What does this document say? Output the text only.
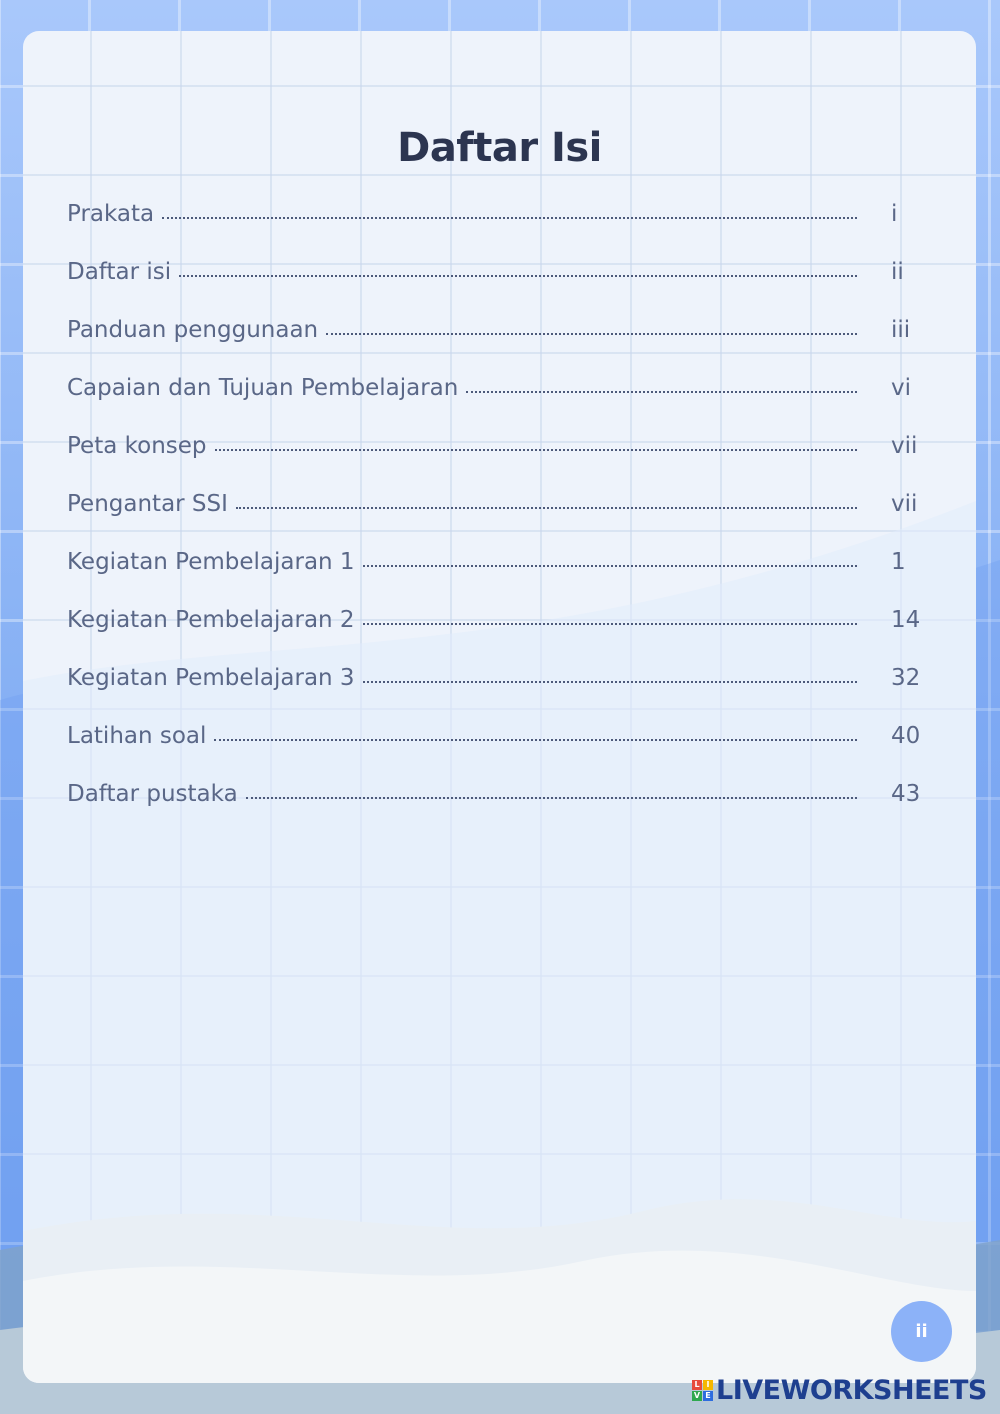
Daftar Isi
Prakata	i
Daftar isi	ii
Panduan penggunaan	iii
Capaian dan Tujuan Pembelajaran	vi
Peta konsep	vii
Pengantar SSI	vii
Kegiatan Pembelajaran 1	1
Kegiatan Pembelajaran 2	14
Kegiatan Pembelajaran 3	32
Latihan soal	40
Daftar pustaka	43
ii
L I
V E LIVEWORKSHEETS
